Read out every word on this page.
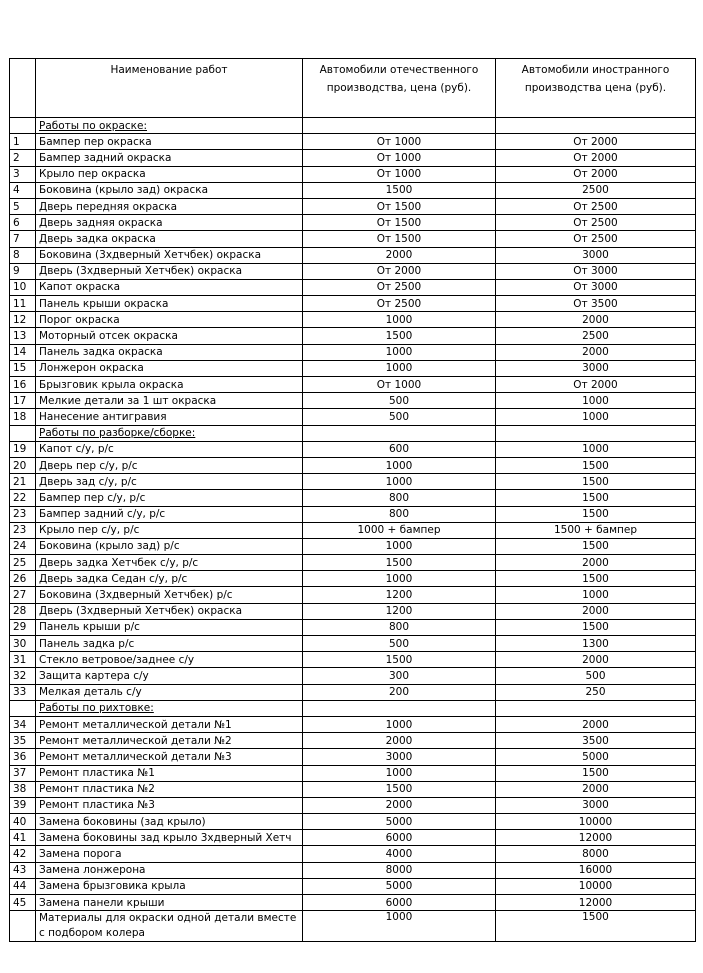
	Наименование работ	Автомобили отечественного производства, цена (руб).	Автомобили иностранного производства цена (руб).
	Работы по окраске:		
1	Бампер пер окраска	От 1000	От 2000
2	Бампер задний окраска	От 1000	От 2000
3	Крыло пер окраска	От 1000	От 2000
4	Боковина (крыло зад) окраска	1500	2500
5	Дверь передняя окраска	От 1500	От 2500
6	Дверь задняя окраска	От 1500	От 2500
7	Дверь задка окраска	От 1500	От 2500
8	Боковина (3хдверный Хетчбек) окраска	2000	3000
9	Дверь (3хдверный Хетчбек) окраска	От 2000	От 3000
10	Капот окраска	От 2500	От 3000
11	Панель крыши окраска	От 2500	От 3500
12	Порог окраска	1000	2000
13	Моторный отсек окраска	1500	2500
14	Панель задка окраска	1000	2000
15	Лонжерон окраска	1000	3000
16	Брызговик крыла окраска	От 1000	От 2000
17	Мелкие детали за 1 шт окраска	500	1000
18	Нанесение антигравия	500	1000
	Работы по разборке/сборке:		
19	Капот с/у, р/с	600	1000
20	Дверь пер с/у, р/с	1000	1500
21	Дверь зад с/у, р/с	1000	1500
22	Бампер пер с/у, р/с	800	1500
23	Бампер задний с/у, р/с	800	1500
23	Крыло пер с/у, р/с	1000 + бампер	1500 + бампер
24	Боковина (крыло зад) р/с	1000	1500
25	Дверь задка Хетчбек с/у, р/с	1500	2000
26	Дверь задка Седан с/у, р/с	1000	1500
27	Боковина (3хдверный Хетчбек) р/с	1200	1000
28	Дверь (3хдверный Хетчбек) окраска	1200	2000
29	Панель крыши р/с	800	1500
30	Панель задка р/с	500	1300
31	Стекло ветровое/заднее с/у	1500	2000
32	Защита картера с/у	300	500
33	Мелкая деталь с/у	200	250
	Работы по рихтовке:		
34	Ремонт металлической детали №1	1000	2000
35	Ремонт металлической детали №2	2000	3500
36	Ремонт металлической детали №3	3000	5000
37	Ремонт пластика №1	1000	1500
38	Ремонт пластика №2	1500	2000
39	Ремонт пластика №3	2000	3000
40	Замена боковины (зад крыло)	5000	10000
41	Замена боковины зад крыло 3хдверный Хетч	6000	12000
42	Замена порога	4000	8000
43	Замена лонжерона	8000	16000
44	Замена брызговика крыла	5000	10000
45	Замена панели крыши	6000	12000
	Материалы для окраски одной детали вместе с подбором колера	1000	1500
